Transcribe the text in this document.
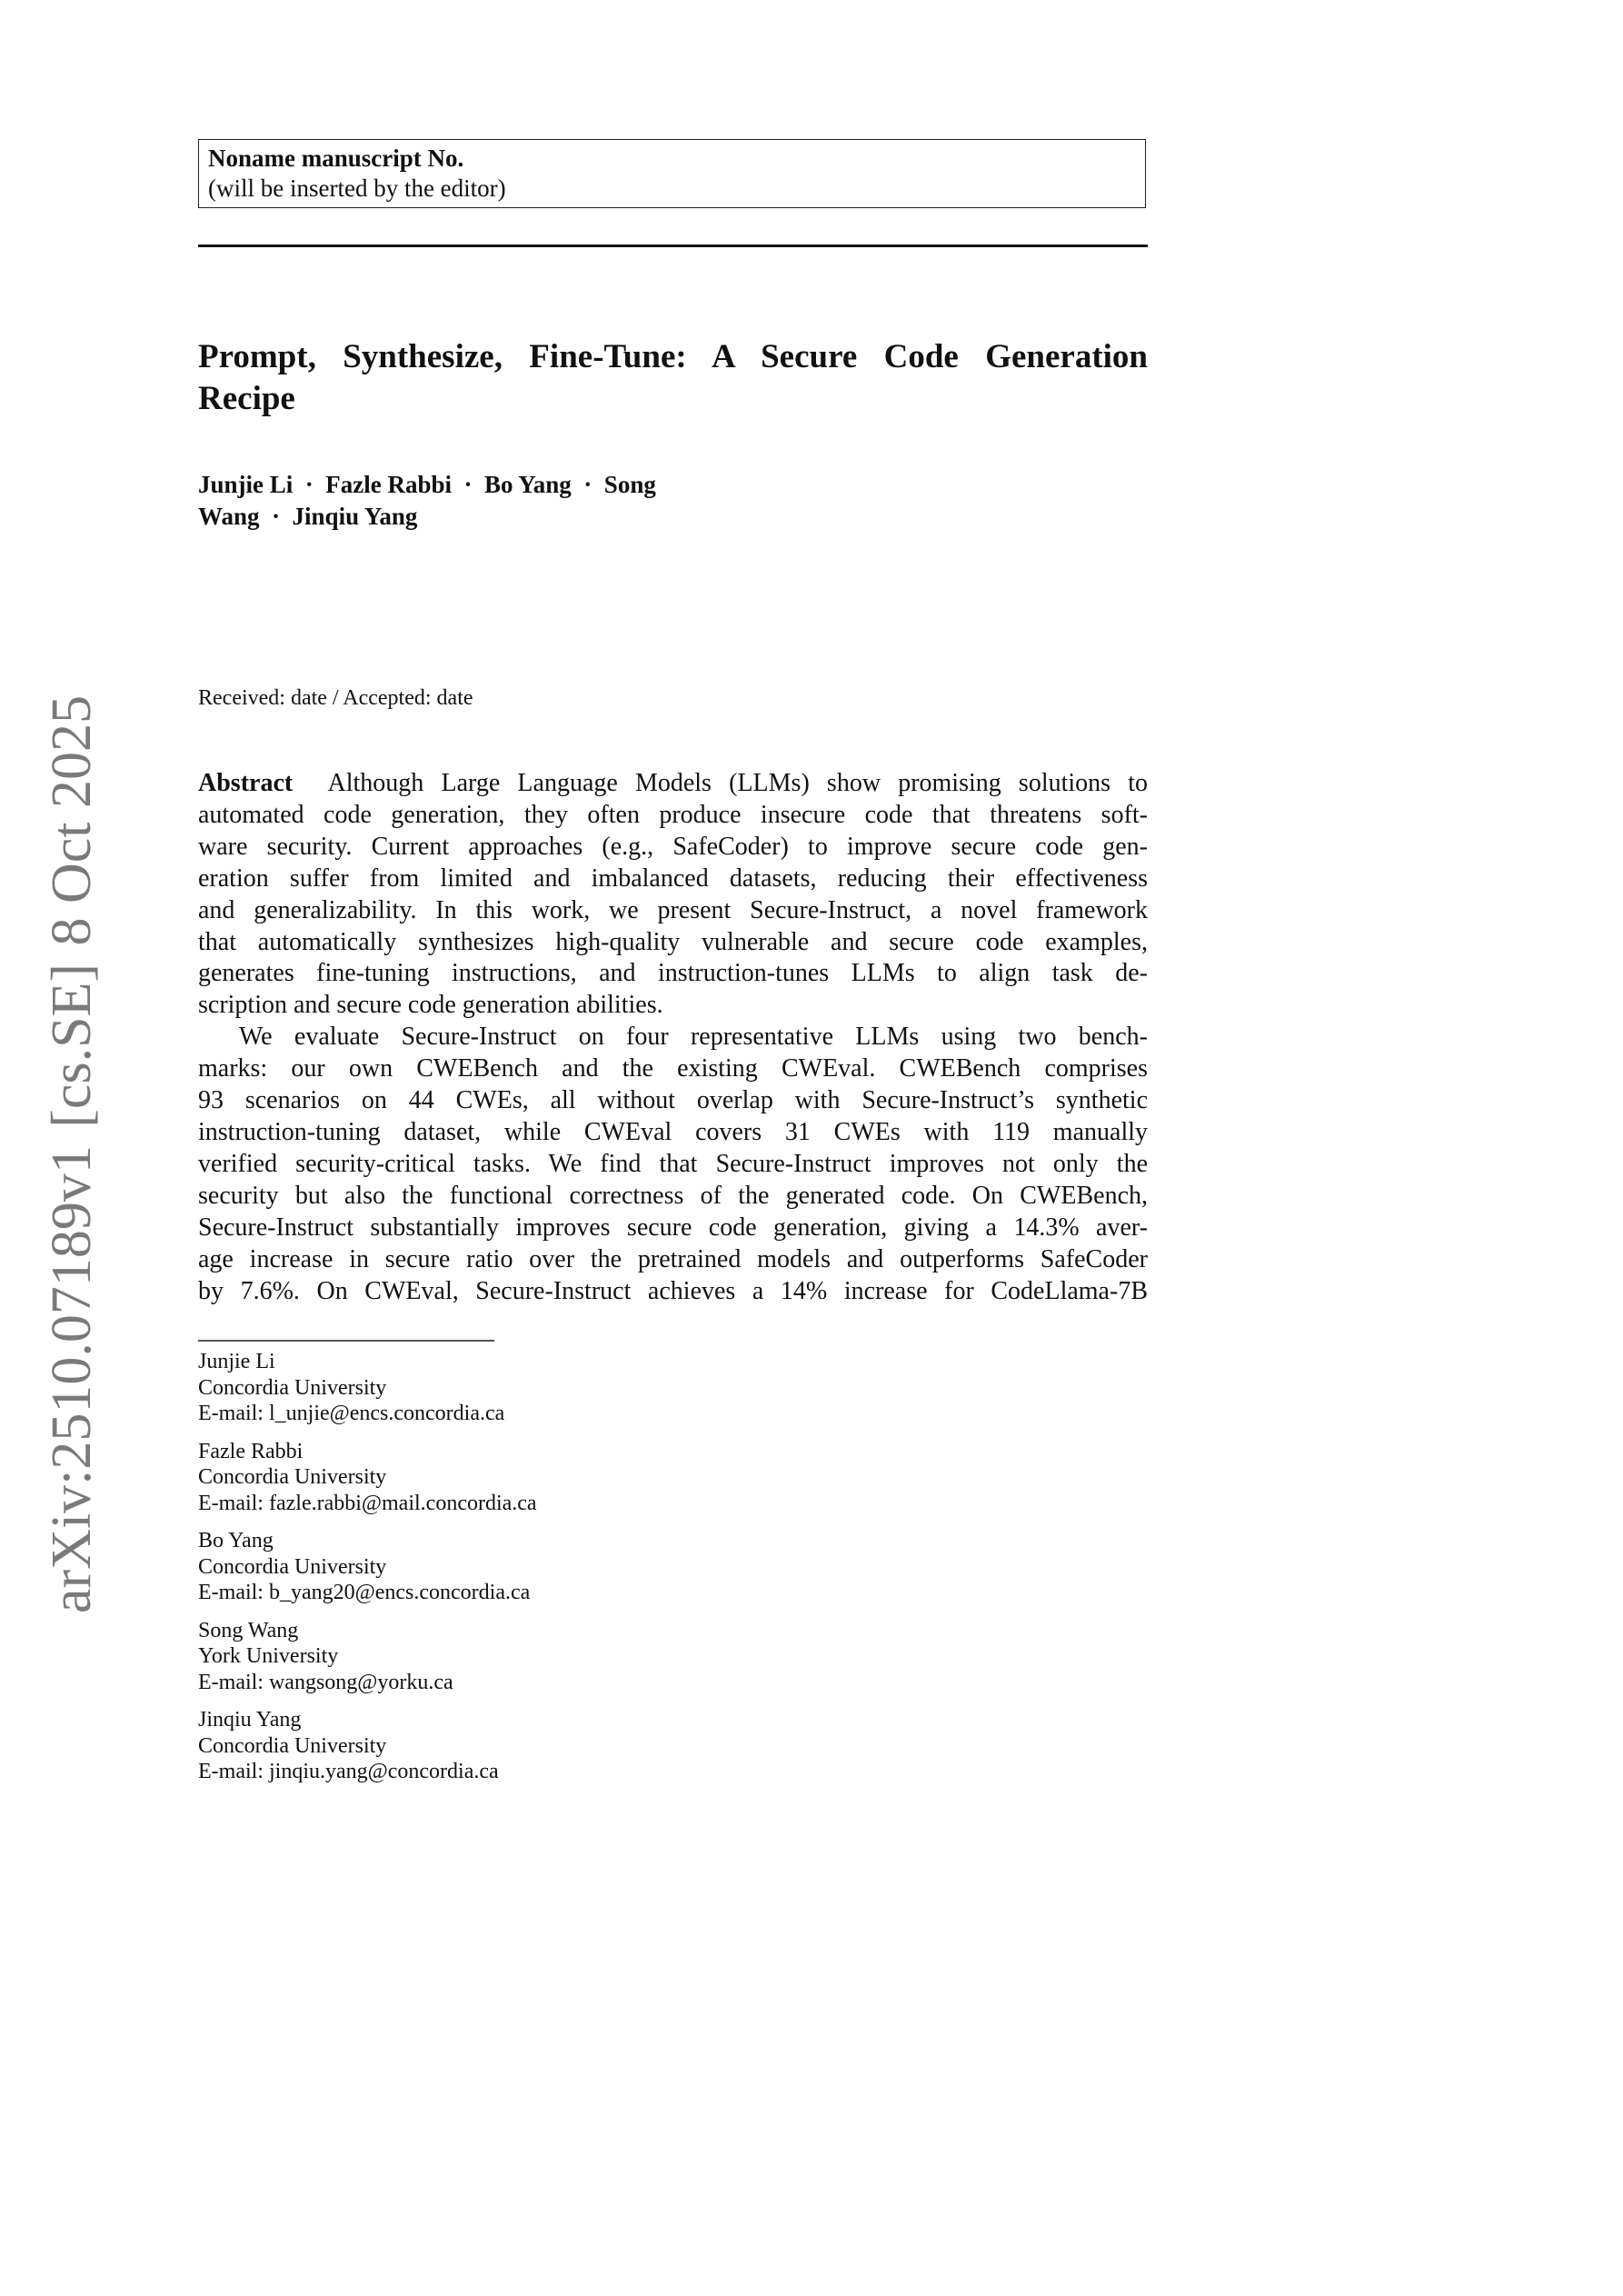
Noname manuscript No.
(will be inserted by the editor)
Prompt, Synthesize, Fine-Tune: A Secure Code Generation
Recipe
Junjie Li  ·  Fazle Rabbi  ·  Bo Yang  ·  Song
Wang  ·  Jinqiu Yang
Received: date / Accepted: date
Abstract Although Large Language Models (LLMs) show promising solutions to
automated code generation, they often produce insecure code that threatens soft-
ware security. Current approaches (e.g., SafeCoder) to improve secure code gen-
eration suffer from limited and imbalanced datasets, reducing their effectiveness
and generalizability. In this work, we present Secure-Instruct, a novel framework
that automatically synthesizes high-quality vulnerable and secure code examples,
generates fine-tuning instructions, and instruction-tunes LLMs to align task de-
scription and secure code generation abilities.
We evaluate Secure-Instruct on four representative LLMs using two bench-
marks: our own CWEBench and the existing CWEval. CWEBench comprises
93 scenarios on 44 CWEs, all without overlap with Secure-Instruct’s synthetic
instruction-tuning dataset, while CWEval covers 31 CWEs with 119 manually
verified security-critical tasks. We find that Secure-Instruct improves not only the
security but also the functional correctness of the generated code. On CWEBench,
Secure-Instruct substantially improves secure code generation, giving a 14.3% aver-
age increase in secure ratio over the pretrained models and outperforms SafeCoder
by 7.6%. On CWEval, Secure-Instruct achieves a 14% increase for CodeLlama-7B
Junjie Li
Concordia University
E-mail: l_unjie@encs.concordia.ca
Fazle Rabbi
Concordia University
E-mail: fazle.rabbi@mail.concordia.ca
Bo Yang
Concordia University
E-mail: b_yang20@encs.concordia.ca
Song Wang
York University
E-mail: wangsong@yorku.ca
Jinqiu Yang
Concordia University
E-mail: jinqiu.yang@concordia.ca
arXiv:2510.07189v1
[cs.SE]
8 Oct 2025
